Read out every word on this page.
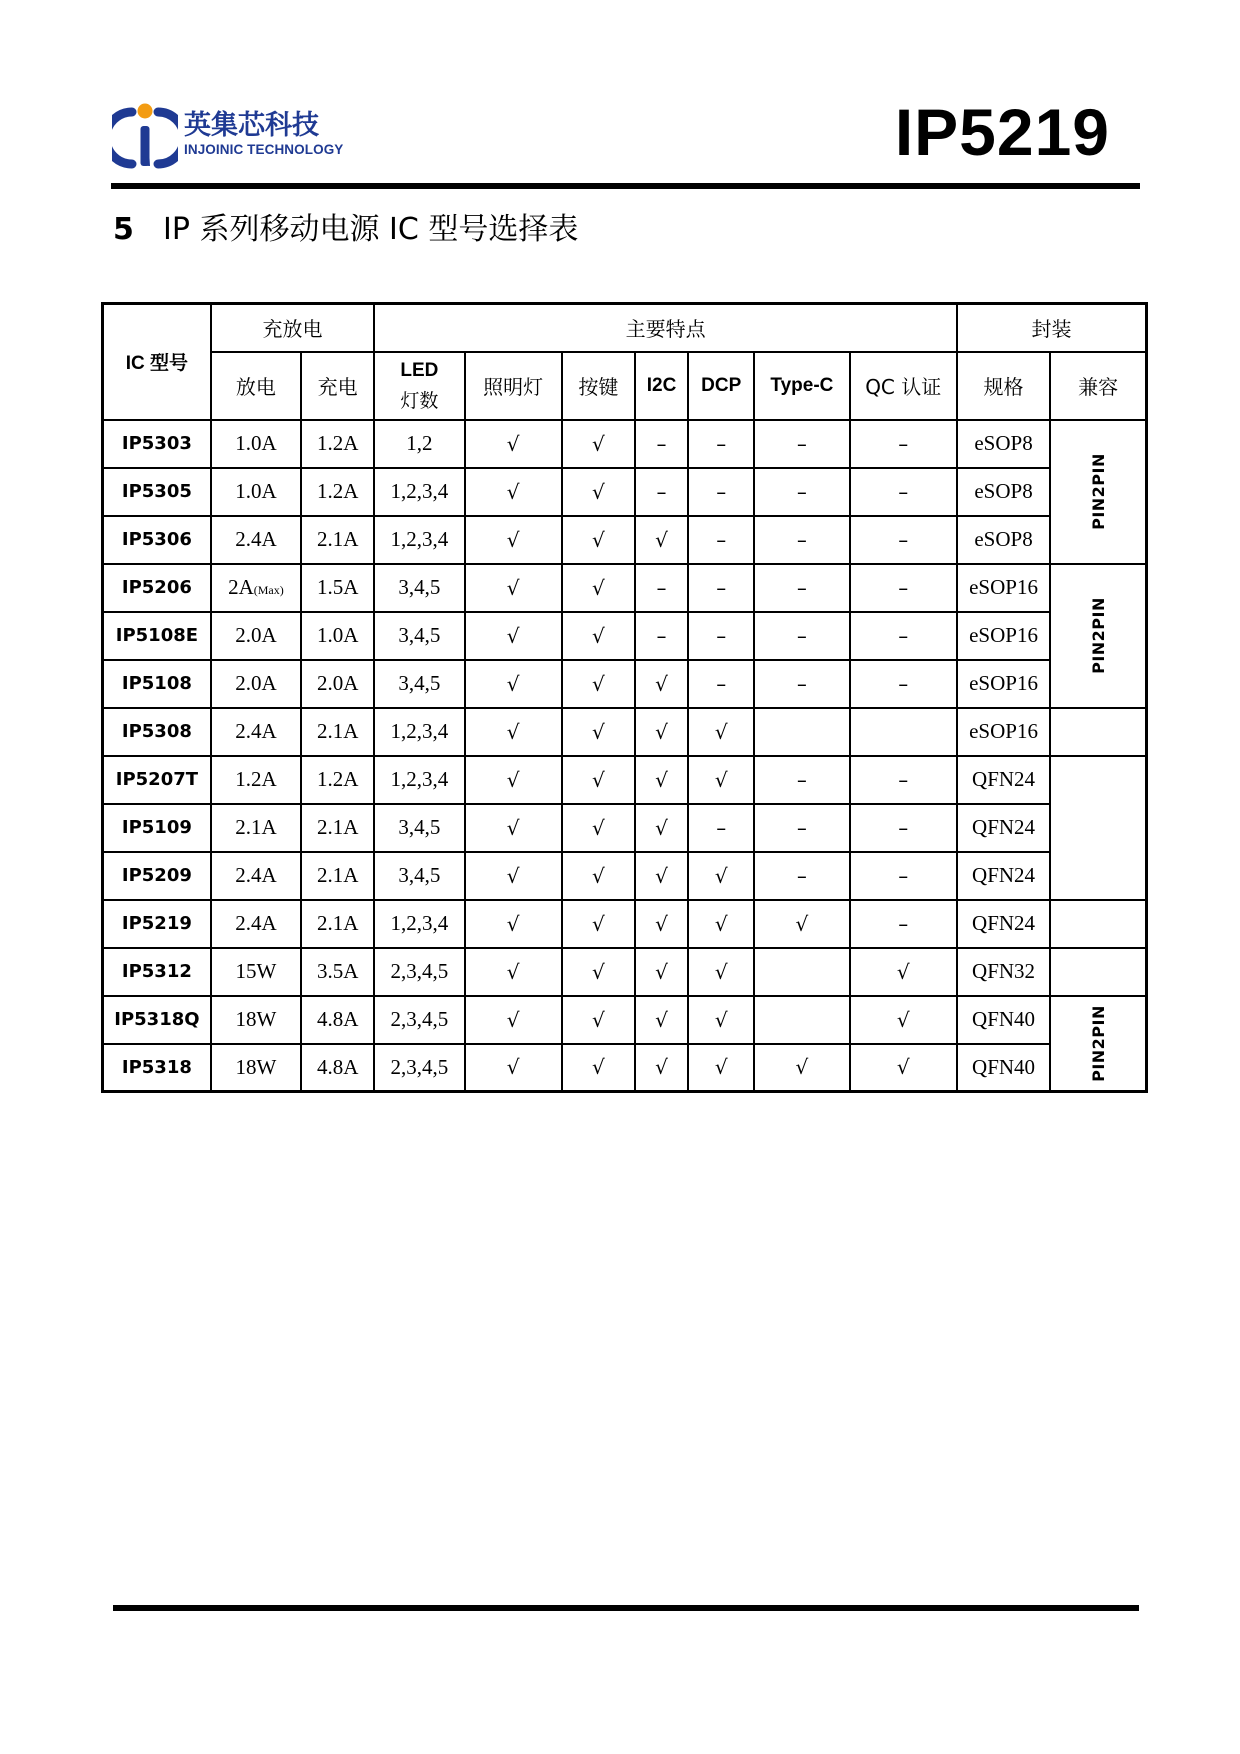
英集芯科技
INJOINIC TECHNOLOGY	IP5219
5 IP 系列移动电源 IC 型号选择表
IC 型号	充放电		主要特点							封装	
	放电	充电	LED
灯数	照明灯	按键	I2C	DCP	Type-C	QC 认证	规格	兼容
IP5303	1.0A	1.2A	1,2	√	√	–	–	–	–	eSOP8	PIN2PIN
IP5305	1.0A	1.2A	1,2,3,4	√	√	–	–	–	–	eSOP8	
IP5306	2.4A	2.1A	1,2,3,4	√	√	√	–	–	–	eSOP8	
IP5206	2A(Max)	1.5A	3,4,5	√	√	–	–	–	–	eSOP16	PIN2PIN
IP5108E	2.0A	1.0A	3,4,5	√	√	–	–	–	–	eSOP16	
IP5108	2.0A	2.0A	3,4,5	√	√	√	–	–	–	eSOP16	
IP5308	2.4A	2.1A	1,2,3,4	√	√	√	√			eSOP16	
IP5207T	1.2A	1.2A	1,2,3,4	√	√	√	√	–	–	QFN24	
IP5109	2.1A	2.1A	3,4,5	√	√	√	–	–	–	QFN24	
IP5209	2.4A	2.1A	3,4,5	√	√	√	√	–	–	QFN24	
IP5219	2.4A	2.1A	1,2,3,4	√	√	√	√	√	–	QFN24	
IP5312	15W	3.5A	2,3,4,5	√	√	√	√		√	QFN32	
IP5318Q	18W	4.8A	2,3,4,5	√	√	√	√		√	QFN40	PIN2PIN
IP5318	18W	4.8A	2,3,4,5	√	√	√	√	√	√	QFN40	
